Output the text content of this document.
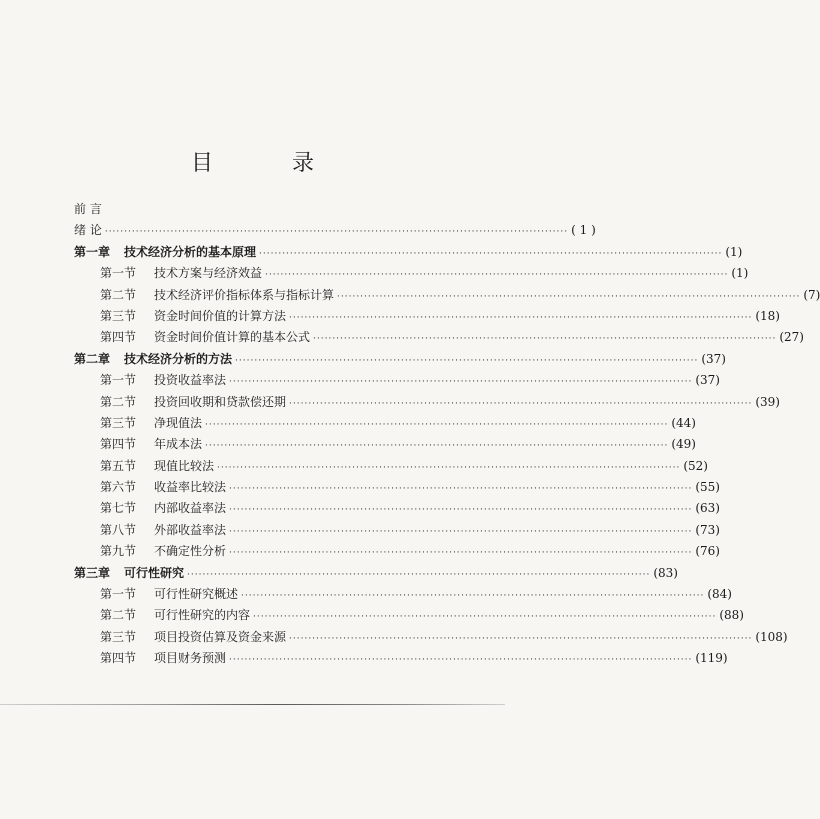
目 录
前 言
绪 论 ························································································································ ( 1 )
第一章 技术经济分析的基本原理 ························································································································ (1)
第一节 技术方案与经济效益 ························································································································ (1)
第二节 技术经济评价指标体系与指标计算 ························································································································ (7)
第三节 资金时间价值的计算方法 ························································································································ (18)
第四节 资金时间价值计算的基本公式 ························································································································ (27)
第二章 技术经济分析的方法 ························································································································ (37)
第一节 投资收益率法 ························································································································ (37)
第二节 投资回收期和贷款偿还期 ························································································································ (39)
第三节 净现值法 ························································································································ (44)
第四节 年成本法 ························································································································ (49)
第五节 现值比较法 ························································································································ (52)
第六节 收益率比较法 ························································································································ (55)
第七节 内部收益率法 ························································································································ (63)
第八节 外部收益率法 ························································································································ (73)
第九节 不确定性分析 ························································································································ (76)
第三章 可行性研究 ························································································································ (83)
第一节 可行性研究概述 ························································································································ (84)
第二节 可行性研究的内容 ························································································································ (88)
第三节 项目投资估算及资金来源 ························································································································ (108)
第四节 项目财务预测 ························································································································ (119)
